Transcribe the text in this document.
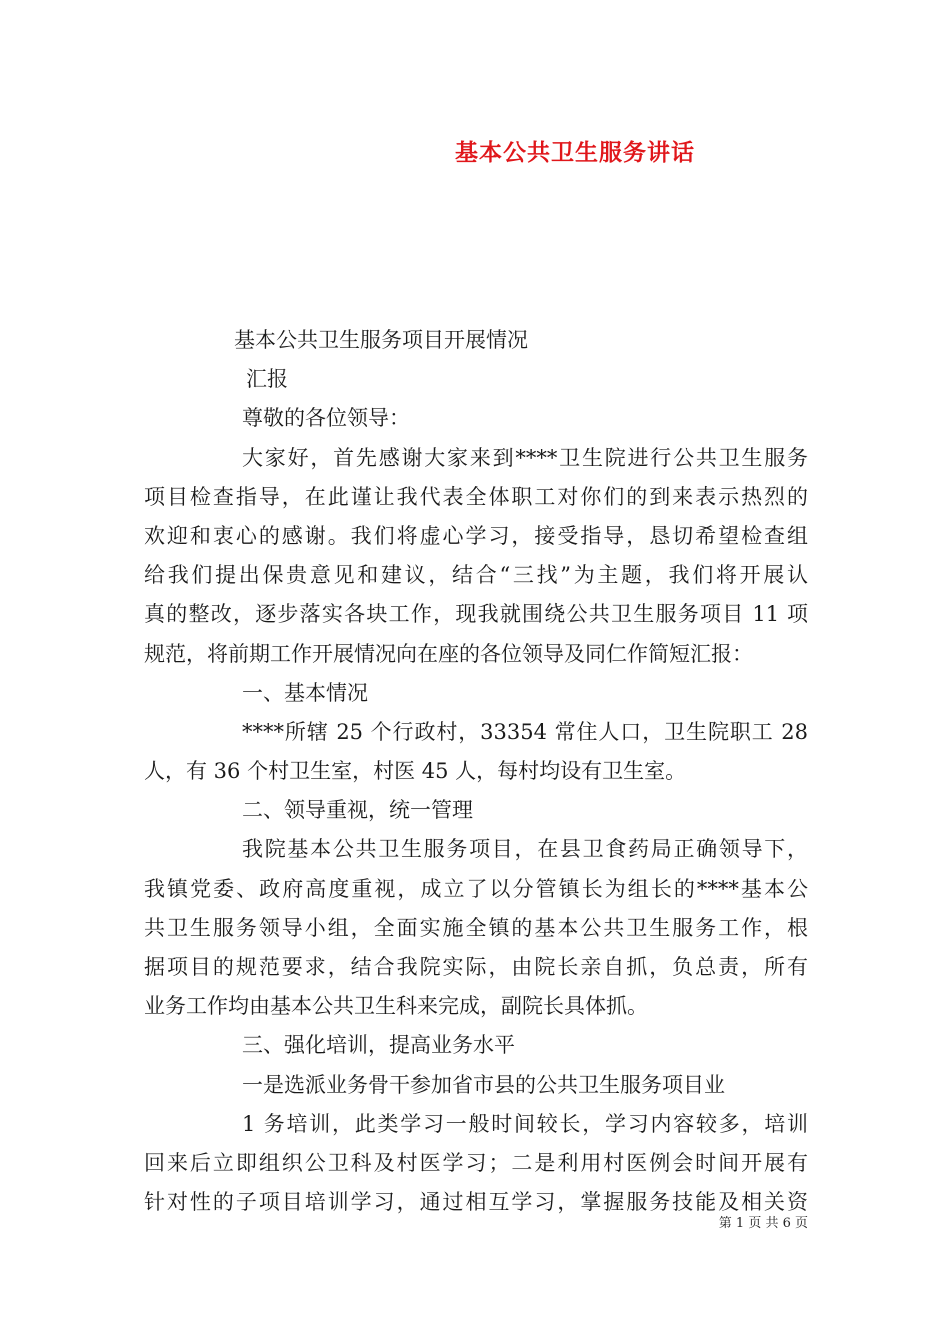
基本公共卫生服务讲话
基本公共卫生服务项目开展情况
汇报
尊敬的各位领导：
大家好，首先感谢大家来到****卫生院进行公共卫生服务
项目检查指导，在此谨让我代表全体职工对你们的到来表示热烈的
欢迎和衷心的感谢。我们将虚心学习，接受指导，恳切希望检查组
给我们提出保贵意见和建议，结合“三找”为主题，我们将开展认
真的整改，逐步落实各块工作，现我就围绕公共卫生服务项目 11 项
规范，将前期工作开展情况向在座的各位领导及同仁作简短汇报：
一、基本情况
****所辖 25 个行政村，33354 常住人口，卫生院职工 28
人，有 36 个村卫生室，村医 45 人，每村均设有卫生室。
二、领导重视，统一管理
我院基本公共卫生服务项目，在县卫食药局正确领导下，
我镇党委、政府高度重视，成立了以分管镇长为组长的****基本公
共卫生服务领导小组，全面实施全镇的基本公共卫生服务工作，根
据项目的规范要求，结合我院实际，由院长亲自抓，负总责，所有
业务工作均由基本公共卫生科来完成，副院长具体抓。
三、强化培训，提高业务水平
一是选派业务骨干参加省市县的公共卫生服务项目业
1 务培训，此类学习一般时间较长，学习内容较多，培训
回来后立即组织公卫科及村医学习；二是利用村医例会时间开展有
针对性的子项目培训学习，通过相互学习，掌握服务技能及相关资
第 1 页 共 6 页
